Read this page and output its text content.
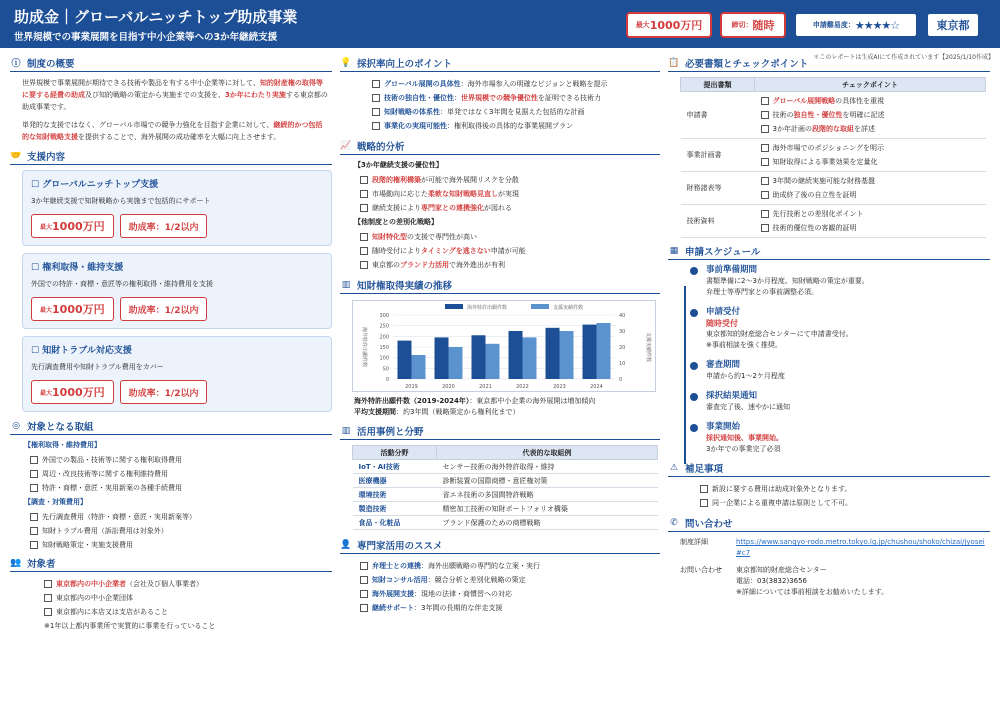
助成金｜グローバルニッチトップ助成事業
世界規模での事業展開を目指す中小企業等への3か年継続支援
最大 1000万円	締切： 随時	申請難易度： ★★★★☆	東京都
＊このレポートは生成AIにて作成されています【2025/1/10作成】
ⓘ 制度の概要
世界規模で事業展開が期待できる技術や製品を有する中小企業等に対して、知的財産権の取得等に要する経費の助成及び知的戦略の策定から実施までの支援を、3か年にわたり実施する東京都の助成事業です。
単発的な支援ではなく、グローバル市場での競争力強化を目指す企業に対して、継続的かつ包括的な知財戦略支援を提供することで、海外展開の成功確率を大幅に向上させます。
🤝 支援内容
☐ グローバルニッチトップ支援
3か年継続支援で知財戦略から実施まで包括的にサポート
最大 1000万円	助成率：1/2以内
☐ 権利取得・維持支援
外国での特許・商標・意匠等の権利取得・維持費用を支援
最大 1000万円	助成率：1/2以内
☐ 知財トラブル対応支援
先行調査費用や知財トラブル費用をカバー
最大 1000万円	助成率：1/2以内
◎ 対象となる取組
【権利取得・維持費用】
外国での製品・技術等に関する権利取得費用
周辺・改良技術等に関する権利維持費用
特許・商標・意匠・実用新案の各種手続費用
【調査・対策費用】
先行調査費用（特許・商標・意匠・実用新案等）
知財トラブル費用（訴訟費用は対象外）
知財戦略策定・実施支援費用
👥 対象者
東京都内の中小企業者（会社及び個人事業者）
東京都内の中小企業団体
東京都内に本店又は支店があること
※1年以上都内事業所で実質的に事業を行っていること
💡 採択率向上のポイント
グローバル展開の具体性：海外市場参入の明確なビジョンと戦略を提示
技術の独自性・優位性：世界規模での競争優位性を証明できる技術力
知財戦略の体系性：単発ではなく3年間を見据えた包括的な計画
事業化の実現可能性：権利取得後の具体的な事業展開プラン
📈 戦略的分析
【3か年継続支援の優位性】
段階的権利構築が可能で海外展開リスクを分散
市場動向に応じた柔軟な知財戦略見直しが実現
継続支援により専門家との連携強化が図れる
【他制度との差別化戦略】
知財特化型の支援で専門性が高い
随時受付によりタイミングを逃さない申請が可能
東京都のブランド力活用で海外進出が有利
▥ 知財権取得実績の推移
0
50
100
150
200
250
300
0
10
20
30
40
2019	2020	2021	2022	2023	2024
海外特許出願件数	支援実績件数
海外特許出願件数	支援実績件数
海外特許出願件数（2019-2024年）：東京都中小企業の海外展開は増加傾向
平均支援期間：約3年間（戦略策定から権利化まで）
▥ 活用事例と分野
活動分野	代表的な取組例
IoT・AI技術	センサー技術の海外特許取得・維持
医療機器	診断装置の国際商標・意匠権対策
環境技術	省エネ技術の多国間特許戦略
製造技術	精密加工技術の知財ポートフォリオ構築
食品・化粧品	ブランド保護のための商標戦略
👤 専門家活用のススメ
弁理士との連携：海外出願戦略の専門的な立案・実行
知財コンサル活用：競合分析と差別化戦略の策定
海外展開支援：現地の法律・商慣習への対応
継続サポート：3年間の長期的な伴走支援
📋 必要書類とチェックポイント
提出書類	チェックポイント
申請書	グローバル展開戦略の具体性を重視
技術の独自性・優位性を明確に記述
3か年計画の段階的な取組を詳述

事業計画書	海外市場でのポジショニングを明示
知財取得による事業効果を定量化

財務諸表等	3年間の継続実施可能な財務基盤
助成終了後の自立性を証明

技術資料	先行技術との差別化ポイント
技術的優位性の客観的証明
▦ 申請スケジュール
事前準備期間
書類準備に2〜3か月程度。知財戦略の策定が重要。
弁理士等専門家との事前調整必須。
申請受付
随時受付
東京都知的財産総合センターにて申請書受付。
※事前相談を強く推奨。
審査期間
申請から約1〜2ケ月程度
採択結果通知
審査完了後、速やかに通知
事業開始
採択通知後、事業開始。
3か年での事業完了必須
⚠ 補足事項
新設に要する費用は助成対象外となります。
同一企業による重複申請は原則として不可。
✆ 問い合わせ
制度詳細	https://www.sangyo-rodo.metro.tokyo.lg.jp/chushou/shoko/chizai/jyosei#c7
お問い合わせ	東京都知的財産総合センター
電話：03(3832)3656
※詳細については事前相談をお勧めいたします。
